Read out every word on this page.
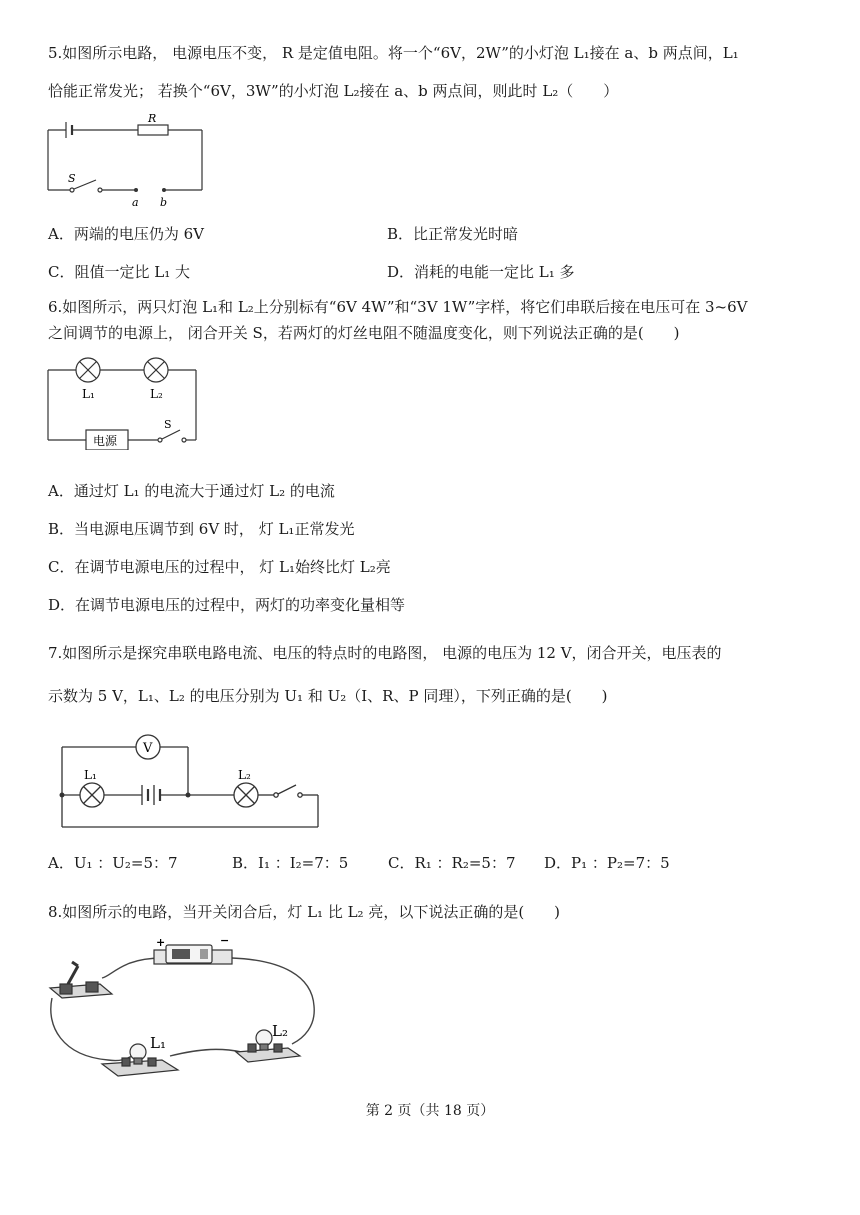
5.如图所示电路， 电源电压不变， R 是定值电阻。将一个“6V，2W”的小灯泡 L₁接在 a、b 两点间，L₁
恰能正常发光； 若换个“6V，3W”的小灯泡 L₂接在 a、b 两点间，则此时 L₂（　　）
R
S
a b
A．两端的电压仍为 6V	B．比正常发光时暗
C．阻值一定比 L₁ 大	D．消耗的电能一定比 L₁ 多
6.如图所示，两只灯泡 L₁和 L₂上分别标有“6V 4W”和“3V 1W”字样，将它们串联后接在电压可在 3~6V
之间调节的电源上， 闭合开关 S，若两灯的灯丝电阻不随温度变化，则下列说法正确的是(　　)
L₁	L₂
电源
S
A．通过灯 L₁ 的电流大于通过灯 L₂ 的电流
B．当电源电压调节到 6V 时， 灯 L₁正常发光
C．在调节电源电压的过程中， 灯 L₁始终比灯 L₂亮
D．在调节电源电压的过程中，两灯的功率变化量相等
7.如图所示是探究串联电路电流、电压的特点时的电路图， 电源的电压为 12 V，闭合开关，电压表的
示数为 5 V，L₁、L₂ 的电压分别为 U₁ 和 U₂（I、R、P 同理），下列正确的是(　　)
V
L₁	L₂
A．U₁ ：U₂=5：7	B．I₁ ：I₂=7：5	C．R₁ ：R₂=5：7 D．P₁ ：P₂=7：5
8.如图所示的电路，当开关闭合后，灯 L₁ 比 L₂ 亮，以下说法正确的是(　　)
+	−
L₁
L₂
第 2 页（共 18 页）
